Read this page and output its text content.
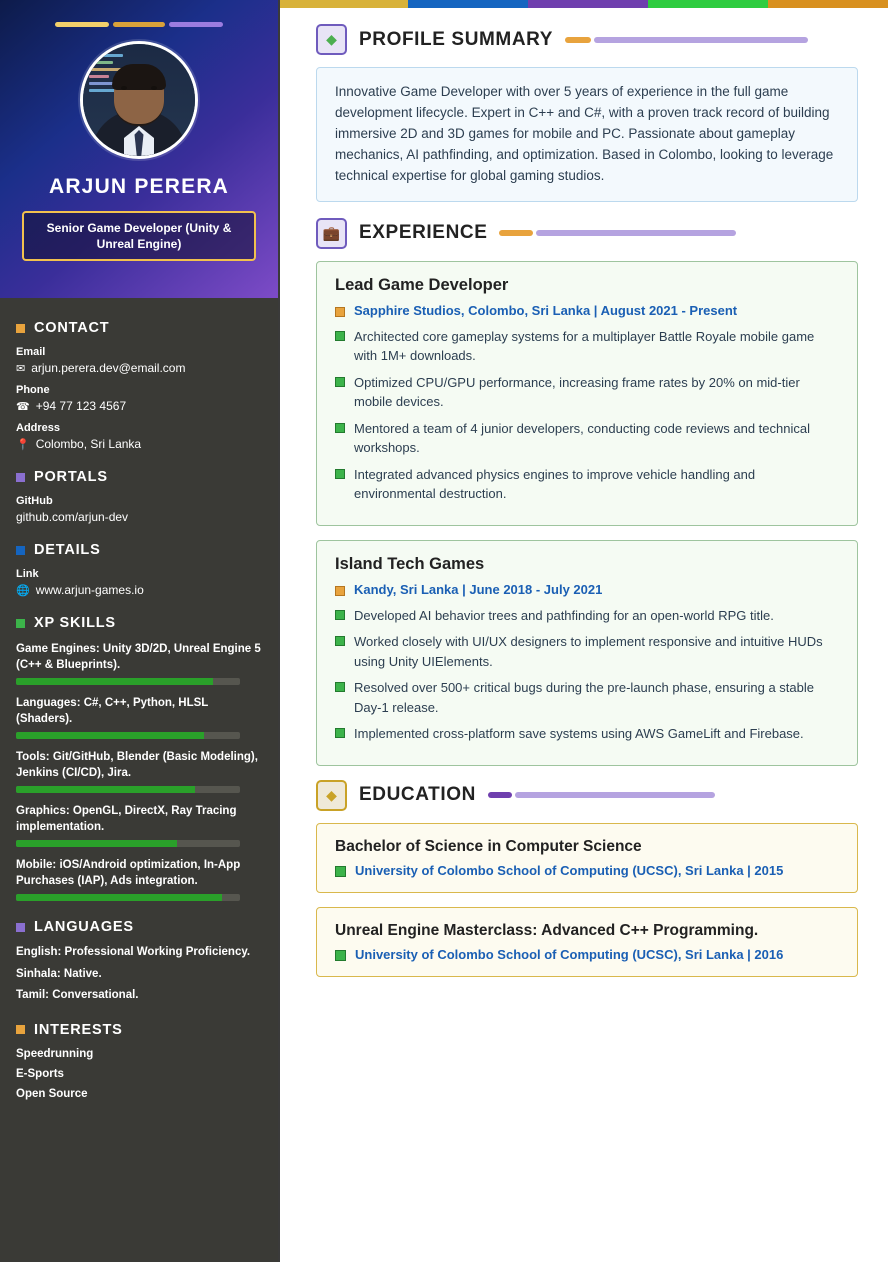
ARJUN PERERA
Senior Game Developer (Unity & Unreal Engine)
CONTACT
Email
✉ arjun.perera.dev@email.com
Phone
☎ +94 77 123 4567
Address
📍 Colombo, Sri Lanka
PORTALS
GitHub
github.com/arjun-dev
DETAILS
Link
🌐 www.arjun-games.io
XP SKILLS
Game Engines: Unity 3D/2D, Unreal Engine 5 (C++ & Blueprints).
Languages: C#, C++, Python, HLSL (Shaders).
Tools: Git/GitHub, Blender (Basic Modeling), Jenkins (CI/CD), Jira.
Graphics: OpenGL, DirectX, Ray Tracing implementation.
Mobile: iOS/Android optimization, In-App Purchases (IAP), Ads integration.
LANGUAGES
English: Professional Working Proficiency.
Sinhala: Native.
Tamil: Conversational.
INTERESTS
Speedrunning
E-Sports
Open Source
◆	PROFILE SUMMARY

Innovative Game Developer with over 5 years of experience in the full game development lifecycle. Expert in C++ and C#, with a proven track record of building immersive 2D and 3D games for mobile and PC. Passionate about gameplay mechanics, AI pathfinding, and optimization. Based in Colombo, looking to leverage technical expertise for global gaming studios.

💼 EXPERIENCE
Lead Game Developer
Sapphire Studios, Colombo, Sri Lanka | August 2021 - Present
Architected core gameplay systems for a multiplayer Battle Royale mobile game with 1M+ downloads.
Optimized CPU/GPU performance, increasing frame rates by 20% on mid-tier mobile devices.
Mentored a team of 4 junior developers, conducting code reviews and technical workshops.
Integrated advanced physics engines to improve vehicle handling and environmental destruction.
Island Tech Games
Kandy, Sri Lanka | June 2018 - July 2021
Developed AI behavior trees and pathfinding for an open-world RPG title.
Worked closely with UI/UX designers to implement responsive and intuitive HUDs using Unity UIElements.
Resolved over 500+ critical bugs during the pre-launch phase, ensuring a stable Day-1 release.
Implemented cross-platform save systems using AWS GameLift and Firebase.
◆	EDUCATION
Bachelor of Science in Computer Science
University of Colombo School of Computing (UCSC), Sri Lanka | 2015
Unreal Engine Masterclass: Advanced C++ Programming.
University of Colombo School of Computing (UCSC), Sri Lanka | 2016
